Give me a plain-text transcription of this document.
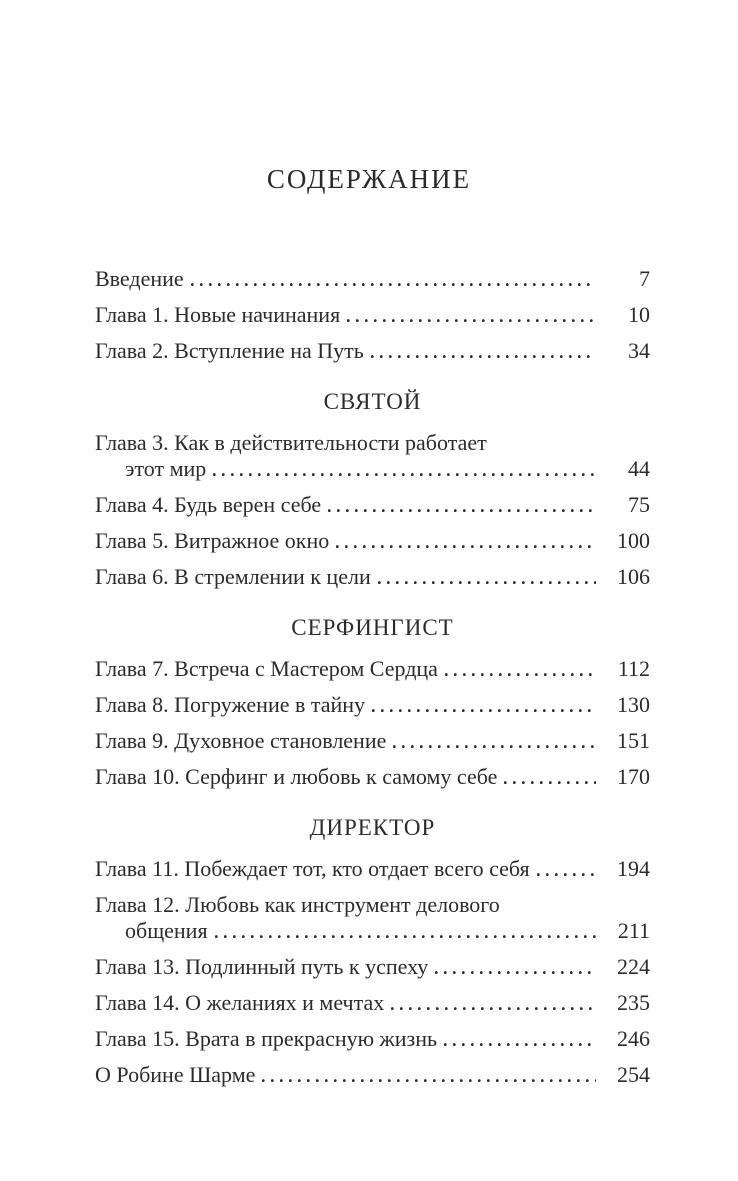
СОДЕРЖАНИЕ
Введение	7
Глава 1. Новые начинания	10
Глава 2. Вступление на Путь	34
СВЯТОЙ
Глава 3. Как в действительности работает
этот мир	44
Глава 4. Будь верен себе	75
Глава 5. Витражное окно	100
Глава 6. В стремлении к цели	106
СЕРФИНГИСТ
Глава 7. Встреча с Мастером Сердца	112
Глава 8. Погружение в тайну	130
Глава 9. Духовное становление	151
Глава 10. Серфинг и любовь к самому себе	170
ДИРЕКТОР
Глава 11. Побеждает тот, кто отдает всего себя	194
Глава 12. Любовь как инструмент делового
общения	211
Глава 13. Подлинный путь к успеху	224
Глава 14. О желаниях и мечтах	235
Глава 15. Врата в прекрасную жизнь	246
О Робине Шарме	254
